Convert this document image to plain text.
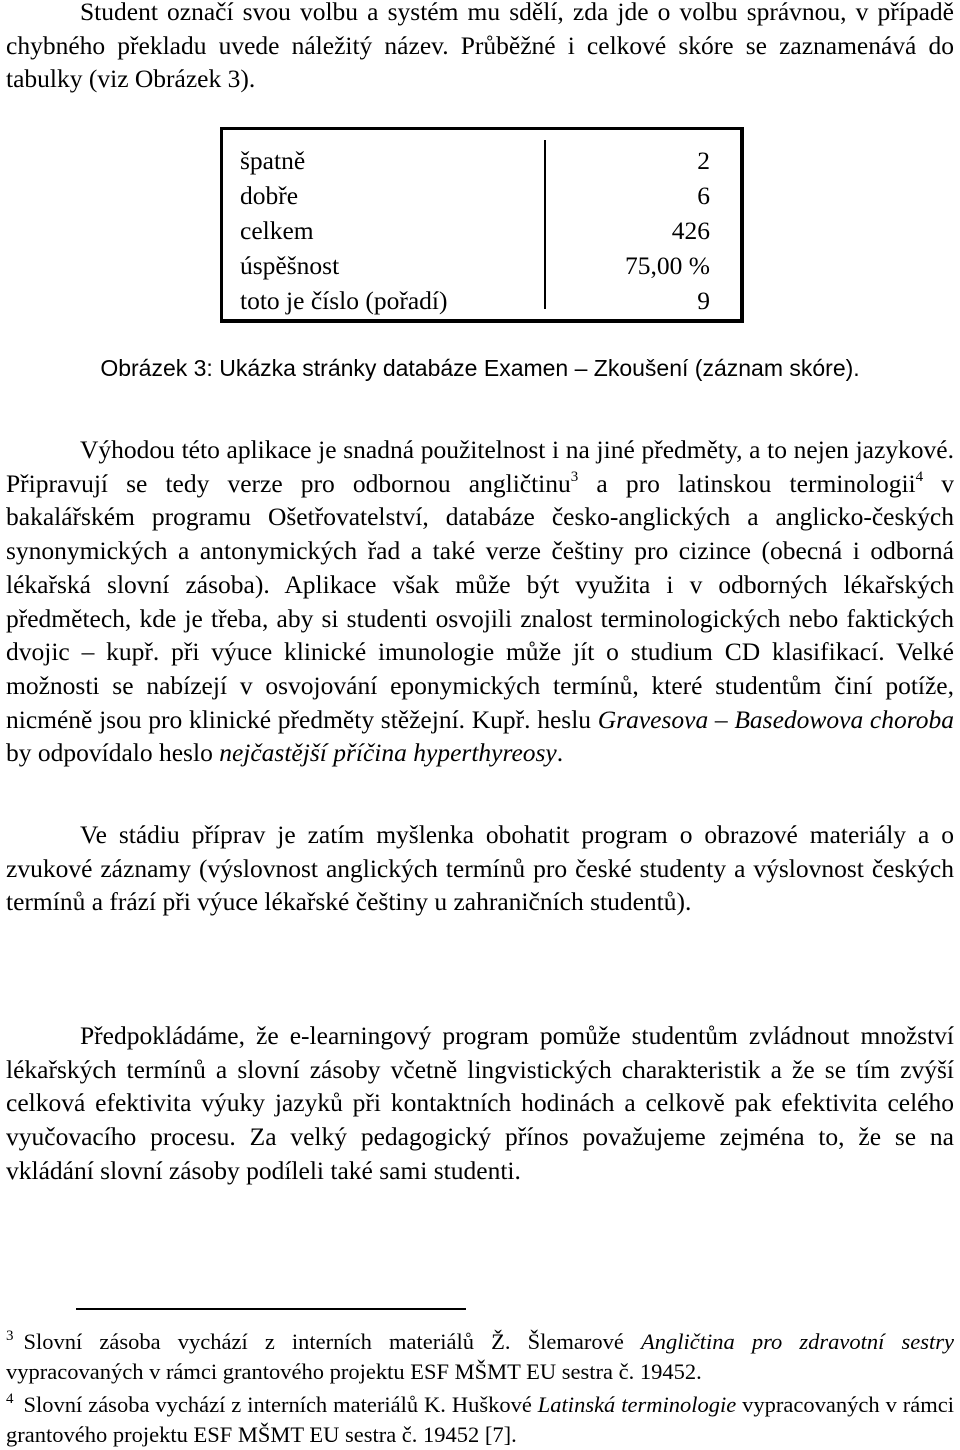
Student označí svou volbu a systém mu sdělí, zda jde o volbu správnou, v případě chybného překladu uvede náležitý název. Průběžné i celkové skóre se zaznamenává do tabulky (viz Obrázek 3).

špatně	2
dobře	6
celkem	426
úspěšnost	75,00 %
toto je číslo (pořadí)	9

Obrázek 3: Ukázka stránky databáze Examen – Zkoušení (záznam skóre).

Výhodou této aplikace je snadná použitelnost i na jiné předměty, a to nejen jazykové. Připravují se tedy verze pro odbornou angličtinu$^3$ a pro latinskou terminologii$^4$ v bakalářském programu Ošetřovatelství, databáze česko-anglických a anglicko-českých synonymických a antonymických řad a také verze češtiny pro cizince (obecná i odborná lékařská slovní zásoba). Aplikace však může být využita i v odborných lékařských předmětech, kde je třeba, aby si studenti osvojili znalost terminologických nebo faktických dvojic – kupř. při výuce klinické imunologie může jít o studium CD klasifikací. Velké možnosti se nabízejí v osvojování eponymických termínů, které studentům činí potíže, nicméně jsou pro klinické předměty stěžejní. Kupř. heslu Gravesova – Basedowova choroba by odpovídalo heslo nejčastější příčina hyperthyreosy.

Ve stádiu příprav je zatím myšlenka obohatit program o obrazové materiály a o zvukové záznamy (výslovnost anglických termínů pro české studenty a výslovnost českých termínů a frází při výuce lékařské češtiny u zahraničních studentů).

Předpokládáme, že e-learningový program pomůže studentům zvládnout množství lékařských termínů a slovní zásoby včetně lingvistických charakteristik a že se tím zvýší celková efektivita výuky jazyků při kontaktních hodinách a celkově pak efektivita celého vyučovacího procesu. Za velký pedagogický přínos považujeme zejména to, že se na vkládání slovní zásoby podíleli také sami studenti.

$^3$ Slovní zásoba vychází z interních materiálů Ž. Šlemarové Angličtina pro zdravotní sestry vypracovaných v rámci grantového projektu ESF MŠMT EU sestra č. 19452.

$^4$ Slovní zásoba vychází z interních materiálů K. Huškové Latinská terminologie vypracovaných v rámci grantového projektu ESF MŠMT EU sestra č. 19452 [7].
